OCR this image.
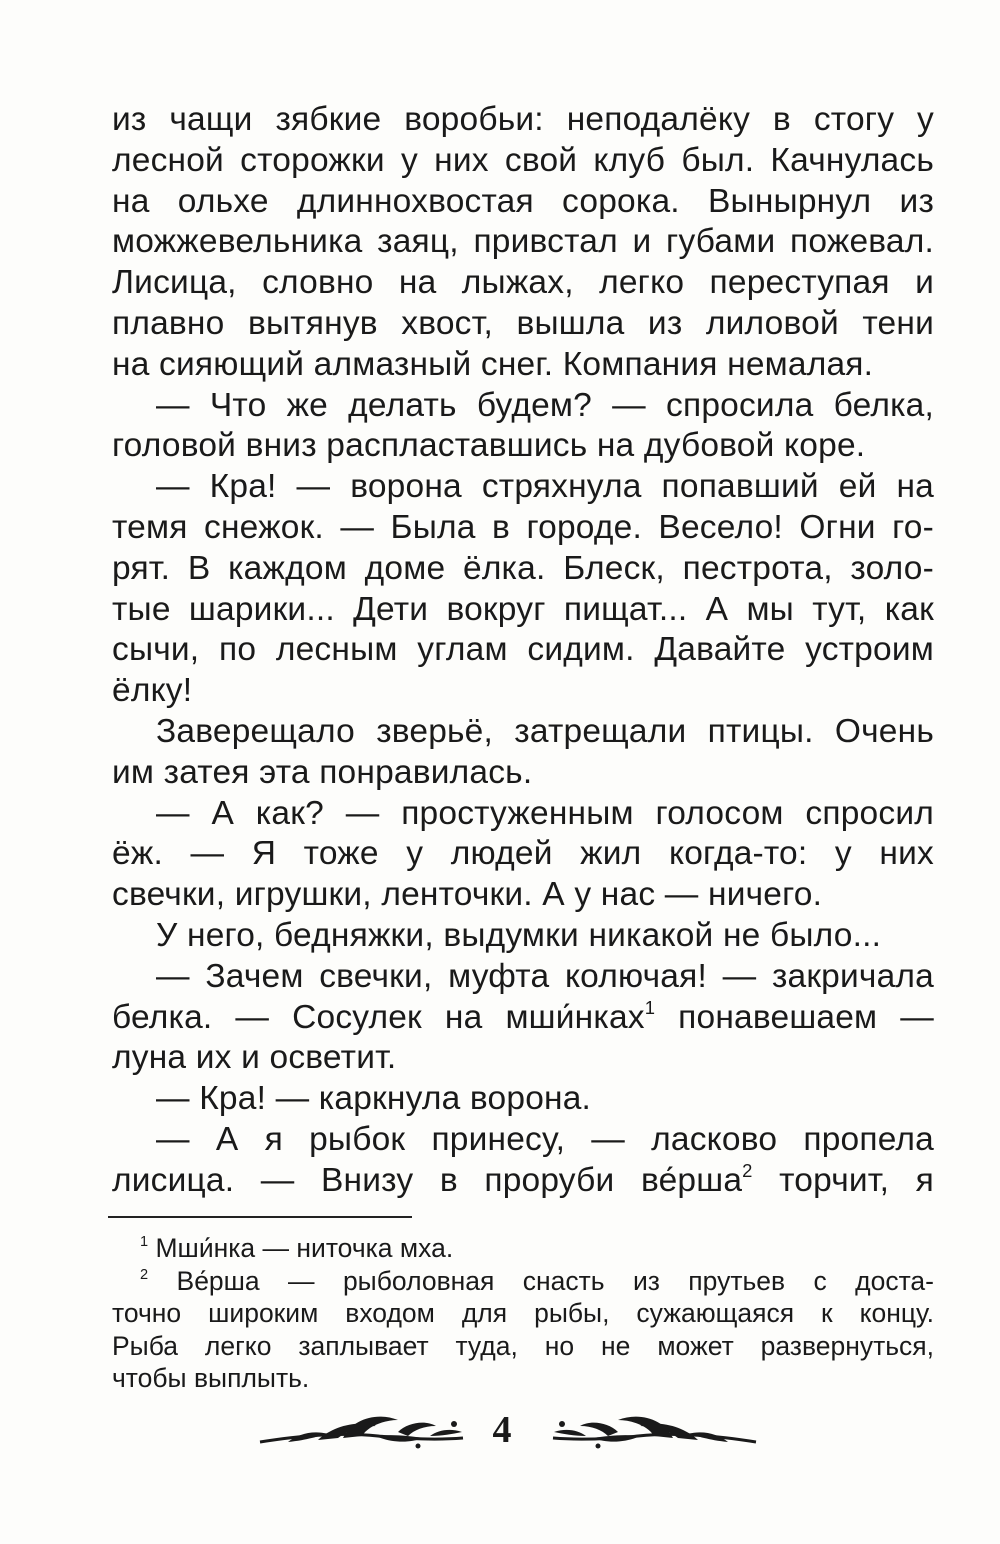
из чащи зябкие воробьи: неподалёку в стогу у
лесной сторожки у них свой клуб был. Качнулась
на ольхе длиннохвостая сорока. Вынырнул из
можжевельника заяц, привстал и губами пожевал.
Лисица, словно на лыжах, легко переступая и
плавно вытянув хвост, вышла из лиловой тени
на сияющий алмазный снег. Компания немалая.
— Что же делать будем? — спросила белка,
головой вниз распластавшись на дубовой коре.
— Кра! — ворона стряхнула попавший ей на
темя снежок. — Была в городе. Весело! Огни го-
рят. В каждом доме ёлка. Блеск, пестрота, золо-
тые шарики... Дети вокруг пищат... А мы тут, как
сычи, по лесным углам сидим. Давайте устроим
ёлку!
Заверещало зверьё, затрещали птицы. Очень
им затея эта понравилась.
— А как? — простуженным голосом спросил
ёж. — Я тоже у людей жил когда-то: у них
свечки, игрушки, ленточки. А у нас — ничего.
У него, бедняжки, выдумки никакой не было...
— Зачем свечки, муфта колючая! — закричала
белка. — Сосулек на мши́нках$^1$ понавешаем —
луна их и осветит.
— Кра! — каркнула ворона.
— А я рыбок принесу, — ласково пропела
лисица. — Внизу в проруби ве́рша$^2$ торчит, я
$^1$ Мши́нка — ниточка мха.
$^2$ Ве́рша — рыболовная снасть из прутьев с доста-
точно широким входом для рыбы, сужающаяся к концу.
Рыба легко заплывает туда, но не может развернуться,
чтобы выплыть.
4
